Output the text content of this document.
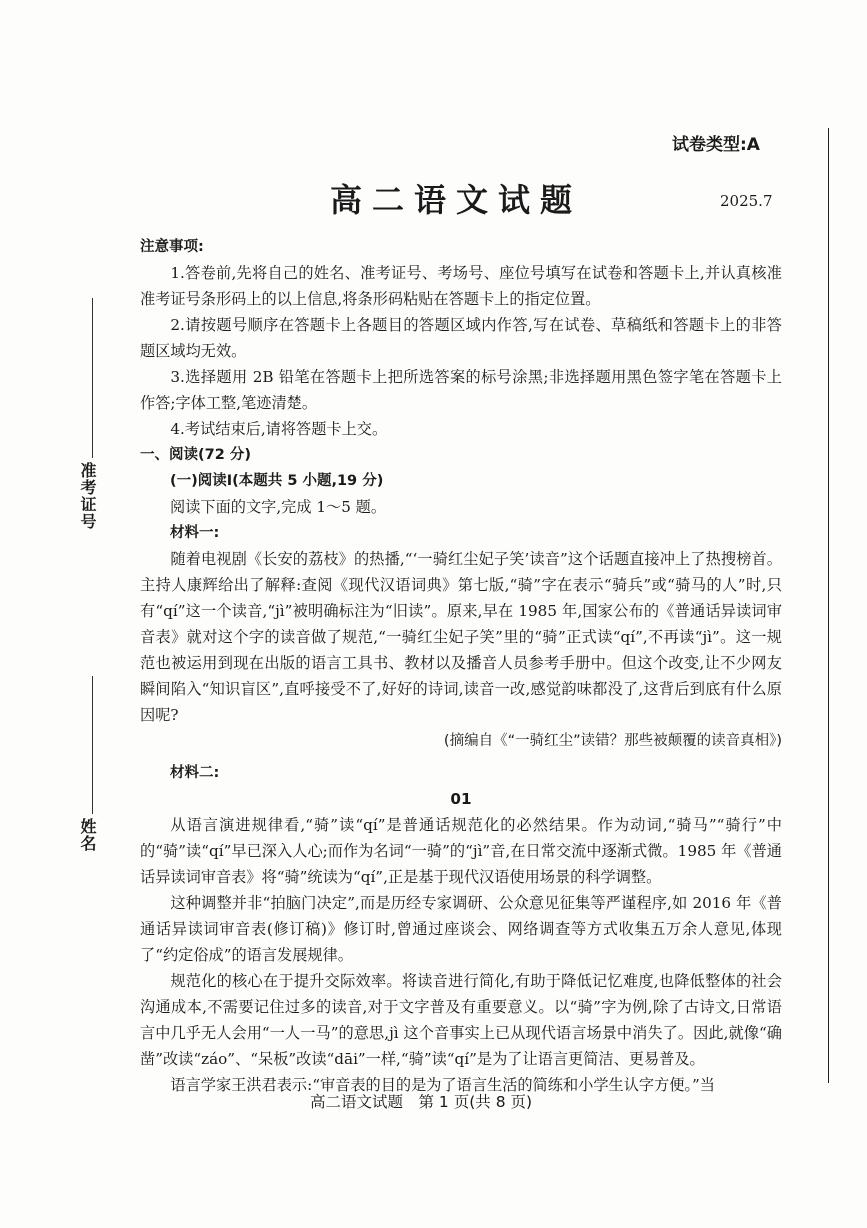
准考证号
姓名
试卷类型:A
高二语文试题	2025.7

注意事项:

1.答卷前,先将自己的姓名、准考证号、考场号、座位号填写在试卷和答题卡上,并认真核准准考证号条形码上的以上信息,将条形码粘贴在答题卡上的指定位置。

2.请按题号顺序在答题卡上各题目的答题区域内作答,写在试卷、草稿纸和答题卡上的非答题区域均无效。

3.选择题用 2B 铅笔在答题卡上把所选答案的标号涂黑;非选择题用黑色签字笔在答题卡上作答;字体工整,笔迹清楚。

4.考试结束后,请将答题卡上交。

一、阅读(72 分)

(一)阅读Ⅰ(本题共 5 小题,19 分)

阅读下面的文字,完成 1～5 题。

材料一:

随着电视剧《长安的荔枝》的热播,“‘一骑红尘妃子笑’读音”这个话题直接冲上了热搜榜首。主持人康辉给出了解释:查阅《现代汉语词典》第七版,“骑”字在表示“骑兵”或“骑马的人”时,只有“qí”这一个读音,“jì”被明确标注为“旧读”。原来,早在 1985 年,国家公布的《普通话异读词审音表》就对这个字的读音做了规范,“一骑红尘妃子笑”里的“骑”正式读“qí”,不再读“jì”。这一规范也被运用到现在出版的语言工具书、教材以及播音人员参考手册中。但这个改变,让不少网友瞬间陷入“知识盲区”,直呼接受不了,好好的诗词,读音一改,感觉韵味都没了,这背后到底有什么原因呢?

(摘编自《“一骑红尘”读错？那些被颠覆的读音真相》)

材料二:

01

从语言演进规律看,“骑”读“qí”是普通话规范化的必然结果。作为动词,“骑马”“骑行”中的“骑”读“qí”早已深入人心;而作为名词“一骑”的“jì”音,在日常交流中逐渐式微。1985 年《普通话异读词审音表》将“骑”统读为“qí”,正是基于现代汉语使用场景的科学调整。

这种调整并非“拍脑门决定”,而是历经专家调研、公众意见征集等严谨程序,如 2016 年《普通话异读词审音表(修订稿)》修订时,曾通过座谈会、网络调查等方式收集五万余人意见,体现了“约定俗成”的语言发展规律。

规范化的核心在于提升交际效率。将读音进行简化,有助于降低记忆难度,也降低整体的社会沟通成本,不需要记住过多的读音,对于文字普及有重要意义。以“骑”字为例,除了古诗文,日常语言中几乎无人会用“一人一马”的意思,jì 这个音事实上已从现代语言场景中消失了。因此,就像“确凿”改读“záo”、“呆板”改读“dāi”一样,“骑”读“qí”是为了让语言更简洁、更易普及。

语言学家王洪君表示:“审音表的目的是为了语言生活的简练和小学生认字方便。”当

高二语文试题　第 1 页(共 8 页)
